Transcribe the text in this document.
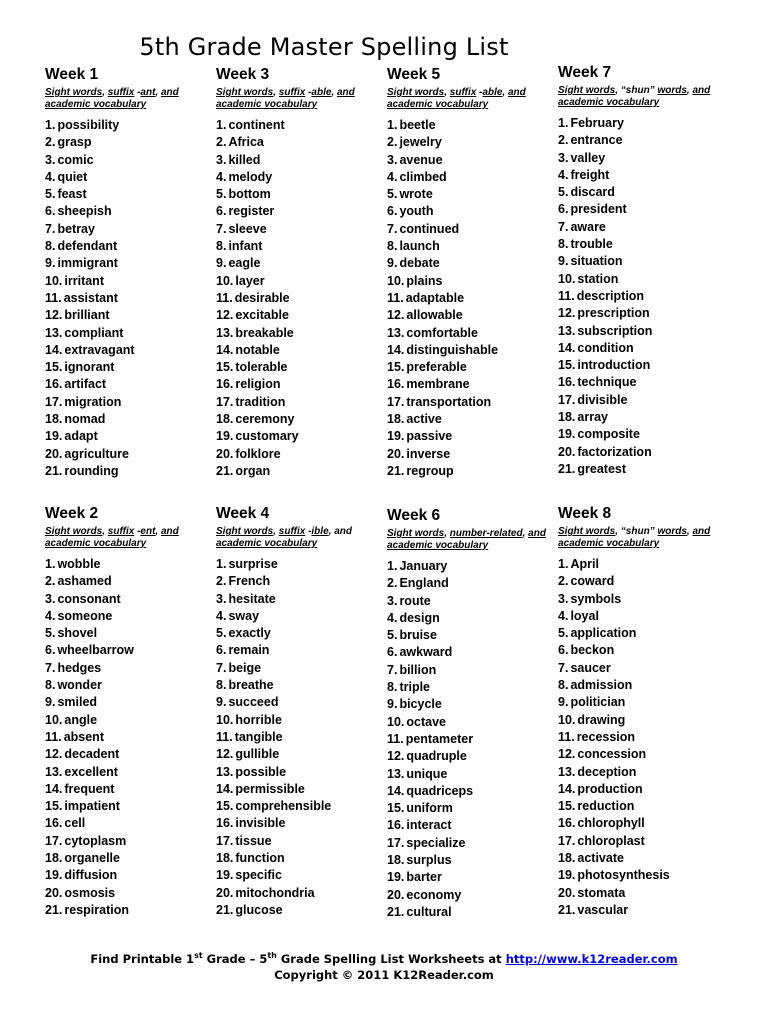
5th Grade Master Spelling List
Week 1
Sight words, suffix -ant, and academic vocabulary
1. possibility
2. grasp
3. comic
4. quiet
5. feast
6. sheepish
7. betray
8. defendant
9. immigrant
10. irritant
11. assistant
12. brilliant
13. compliant
14. extravagant
15. ignorant
16. artifact
17. migration
18. nomad
19. adapt
20. agriculture
21. rounding
Week 3
Sight words, suffix -able, and academic vocabulary
1. continent
2. Africa
3. killed
4. melody
5. bottom
6. register
7. sleeve
8. infant
9. eagle
10. layer
11. desirable
12. excitable
13. breakable
14. notable
15. tolerable
16. religion
17. tradition
18. ceremony
19. customary
20. folklore
21. organ
Week 5
Sight words, suffix -able, and academic vocabulary
1. beetle
2. jewelry
3. avenue
4. climbed
5. wrote
6. youth
7. continued
8. launch
9. debate
10. plains
11. adaptable
12. allowable
13. comfortable
14. distinguishable
15. preferable
16. membrane
17. transportation
18. active
19. passive
20. inverse
21. regroup
Week 7
Sight words, “shun” words, and academic vocabulary
1. February
2. entrance
3. valley
4. freight
5. discard
6. president
7. aware
8. trouble
9. situation
10. station
11. description
12. prescription
13. subscription
14. condition
15. introduction
16. technique
17. divisible
18. array
19. composite
20. factorization
21. greatest
Week 2
Sight words, suffix -ent, and academic vocabulary
1. wobble
2. ashamed
3. consonant
4. someone
5. shovel
6. wheelbarrow
7. hedges
8. wonder
9. smiled
10. angle
11. absent
12. decadent
13. excellent
14. frequent
15. impatient
16. cell
17. cytoplasm
18. organelle
19. diffusion
20. osmosis
21. respiration
Week 4
Sight words, suffix -ible, and academic vocabulary
1. surprise
2. French
3. hesitate
4. sway
5. exactly
6. remain
7. beige
8. breathe
9. succeed
10. horrible
11. tangible
12. gullible
13. possible
14. permissible
15. comprehensible
16. invisible
17. tissue
18. function
19. specific
20. mitochondria
21. glucose
Week 6
Sight words, number-related, and academic vocabulary
1. January
2. England
3. route
4. design
5. bruise
6. awkward
7. billion
8. triple
9. bicycle
10. octave
11. pentameter
12. quadruple
13. unique
14. quadriceps
15. uniform
16. interact
17. specialize
18. surplus
19. barter
20. economy
21. cultural
Week 8
Sight words, “shun” words, and academic vocabulary
1. April
2. coward
3. symbols
4. loyal
5. application
6. beckon
7. saucer
8. admission
9. politician
10. drawing
11. recession
12. concession
13. deception
14. production
15. reduction
16. chlorophyll
17. chloroplast
18. activate
19. photosynthesis
20. stomata
21. vascular
Find Printable 1st Grade – 5th Grade Spelling List Worksheets at http://www.k12reader.com
Copyright © 2011 K12Reader.com
